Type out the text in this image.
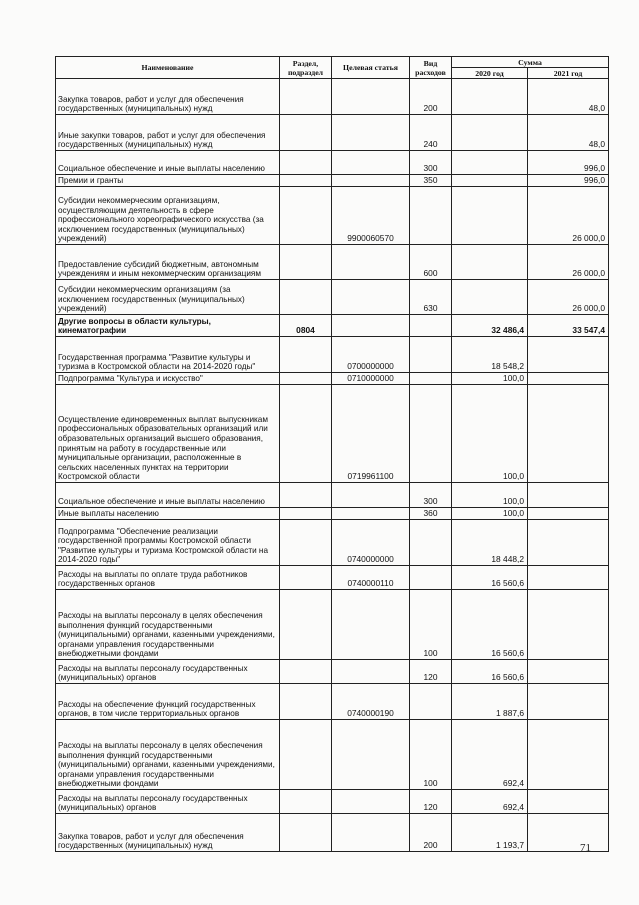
Наименование	Раздел, подраздел	Целевая статья	Вид расходов	Сумма	
				2020 год	2021 год
Закупка товаров, работ и услуг для обеспечения государственных (муниципальных) нужд			200		48,0
Иные закупки товаров, работ и услуг для обеспечения государственных (муниципальных) нужд			240		48,0
Социальное обеспечение и иные выплаты населению			300		996,0
Премии и гранты			350		996,0
Субсидии некоммерческим организациям, осуществляющим деятельность в сфере профессионального хореографического искусства (за исключением государственных (муниципальных) учреждений)		9900060570			26 000,0
Предоставление субсидий бюджетным, автономным учреждениям и иным некоммерческим организациям			600		26 000,0
Субсидии некоммерческим организациям (за исключением государственных (муниципальных) учреждений)			630		26 000,0
Другие вопросы в области культуры, кинематографии	0804			32 486,4	33 547,4
Государственная программа "Развитие культуры и туризма в Костромской области на 2014-2020 годы"		0700000000		18 548,2	
Подпрограмма "Культура и искусство"		0710000000		100,0	
Осуществление единовременных выплат выпускникам профессиональных образовательных организаций или образовательных организаций высшего образования, принятым на работу в государственные или муниципальные организации, расположенные в сельских населенных пунктах на территории Костромской области		0719961100		100,0	
Социальное обеспечение и иные выплаты населению			300	100,0	
Иные выплаты населению			360	100,0	
Подпрограмма "Обеспечение реализации государственной программы Костромской области "Развитие культуры и туризма Костромской области на 2014-2020 годы"		0740000000		18 448,2	
Расходы на выплаты по оплате труда работников государственных органов		0740000110		16 560,6	
Расходы на выплаты персоналу в целях обеспечения выполнения функций государственными (муниципальными) органами, казенными учреждениями, органами управления государственными внебюджетными фондами			100	16 560,6	
Расходы на выплаты персоналу государственных (муниципальных) органов			120	16 560,6	
Расходы на обеспечение функций государственных органов, в том числе территориальных органов		0740000190		1 887,6	
Расходы на выплаты персоналу в целях обеспечения выполнения функций государственными (муниципальными) органами, казенными учреждениями, органами управления государственными внебюджетными фондами			100	692,4	
Расходы на выплаты персоналу государственных (муниципальных) органов			120	692,4	
Закупка товаров, работ и услуг для обеспечения государственных (муниципальных) нужд			200	1 193,7		71
